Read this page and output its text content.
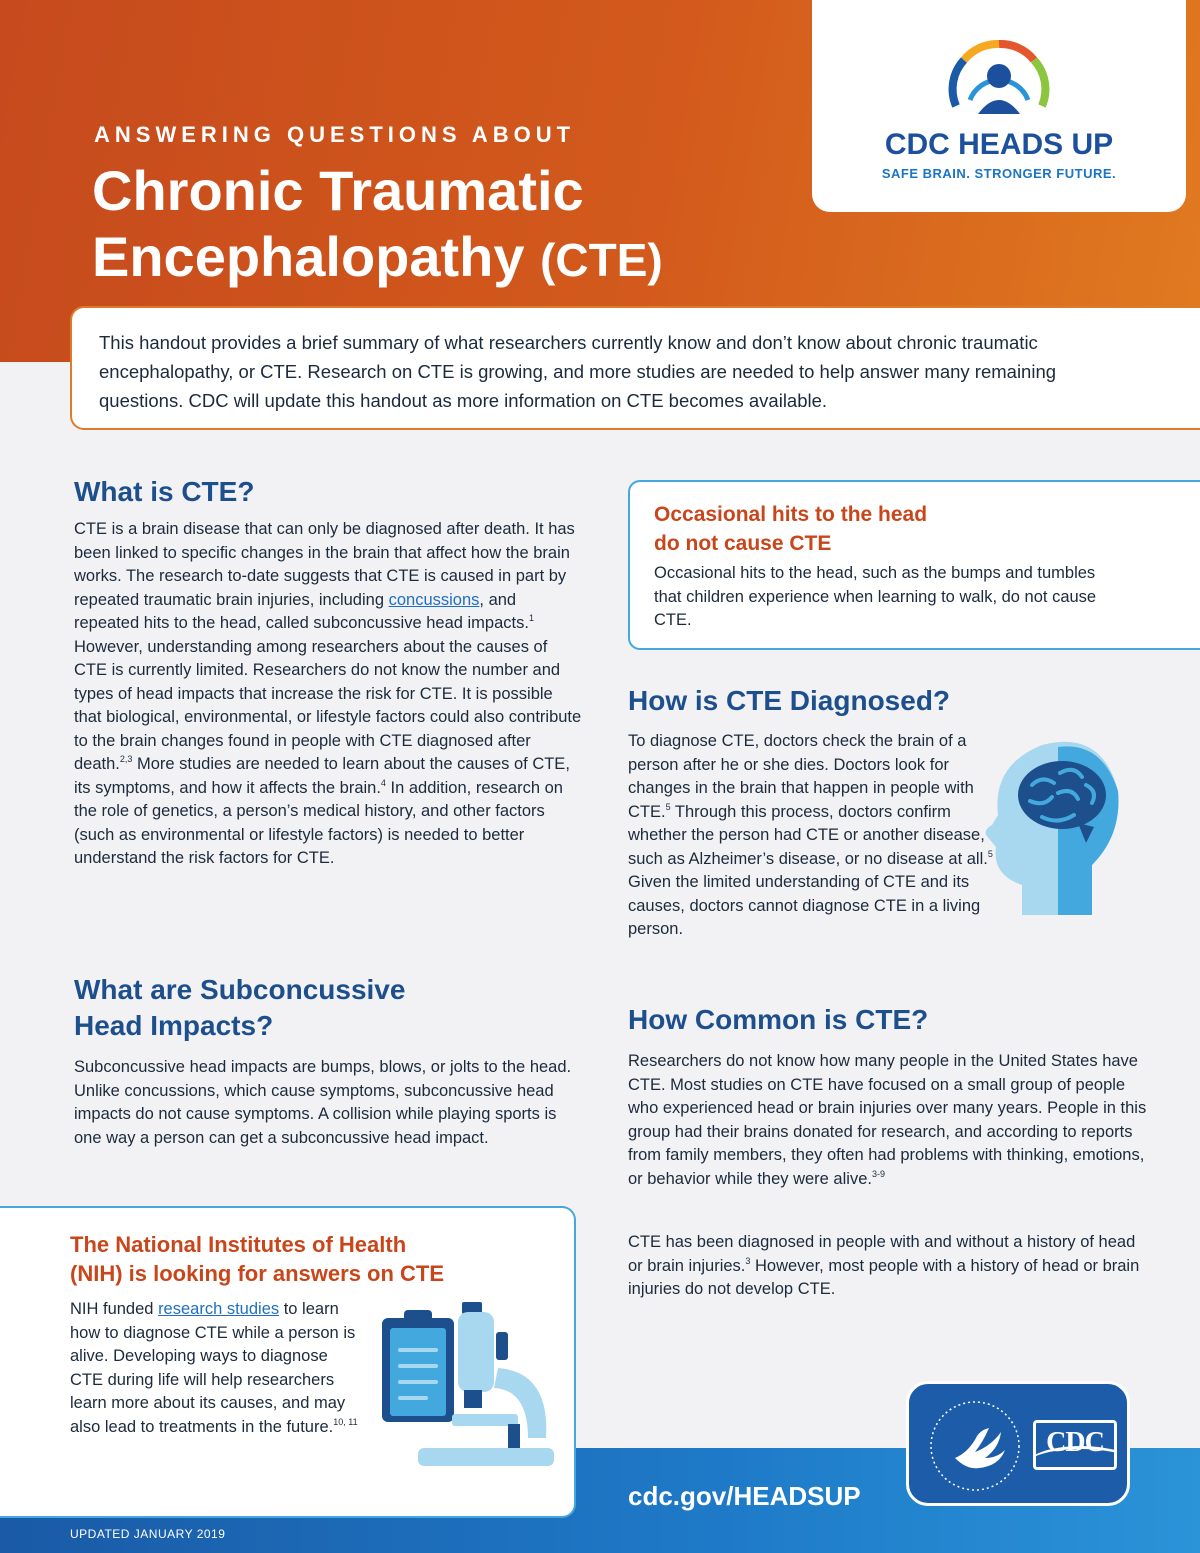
ANSWERING QUESTIONS ABOUT
Chronic Traumatic
Encephalopathy (CTE)
CDC HEADS UP
SAFE BRAIN. STRONGER FUTURE.

This handout provides a brief summary of what researchers currently know and don’t know about chronic traumatic encephalopathy, or CTE. Research on CTE is growing, and more studies are needed to help answer many remaining questions. CDC will update this handout as more information on CTE becomes available.

What is CTE?

CTE is a brain disease that can only be diagnosed after death. It has been linked to specific changes in the brain that affect how the brain works. The research to-date suggests that CTE is caused in part by repeated traumatic brain injuries, including concussions, and repeated hits to the head, called subconcussive head impacts.$^1$ However, understanding among researchers about the causes of CTE is currently limited. Researchers do not know the number and types of head impacts that increase the risk for CTE. It is possible that biological, environmental, or lifestyle factors could also contribute to the brain changes found in people with CTE diagnosed after death.$^{2,3}$ More studies are needed to learn about the causes of CTE, its symptoms, and how it affects the brain.$^4$ In addition, research on the role of genetics, a person’s medical history, and other factors (such as environmental or lifestyle factors) is needed to better understand the risk factors for CTE.

What are Subconcussive
Head Impacts?

Subconcussive head impacts are bumps, blows, or jolts to the head. Unlike concussions, which cause symptoms, subconcussive head impacts do not cause symptoms. A collision while playing sports is one way a person can get a subconcussive head impact.

Occasional hits to the head
do not cause CTE

Occasional hits to the head, such as the bumps and tumbles that children experience when learning to walk, do not cause CTE.

How is CTE Diagnosed?

To diagnose CTE, doctors check the brain of a person after he or she dies. Doctors look for changes in the brain that happen in people with CTE.$^5$ Through this process, doctors confirm whether the person had CTE or another disease, such as Alzheimer’s disease, or no disease at all.$^5$ Given the limited understanding of CTE and its causes, doctors cannot diagnose CTE in a living person.

How Common is CTE?

Researchers do not know how many people in the United States have CTE. Most studies on CTE have focused on a small group of people who experienced head or brain injuries over many years. People in this group had their brains donated for research, and according to reports from family members, they often had problems with thinking, emotions, or behavior while they were alive.$^{3-9}$

CTE has been diagnosed in people with and without a history of head or brain injuries.$^3$ However, most people with a history of head or brain injuries do not develop CTE.

UPDATED JANUARY 2019
cdc.gov/HEADSUP
The National Institutes of Health
(NIH) is looking for answers on CTE

NIH funded research studies to learn how to diagnose CTE while a person is alive. Developing ways to diagnose CTE during life will help researchers learn more about its causes, and may also lead to treatments in the future.$^{10, 11}$

CDC
